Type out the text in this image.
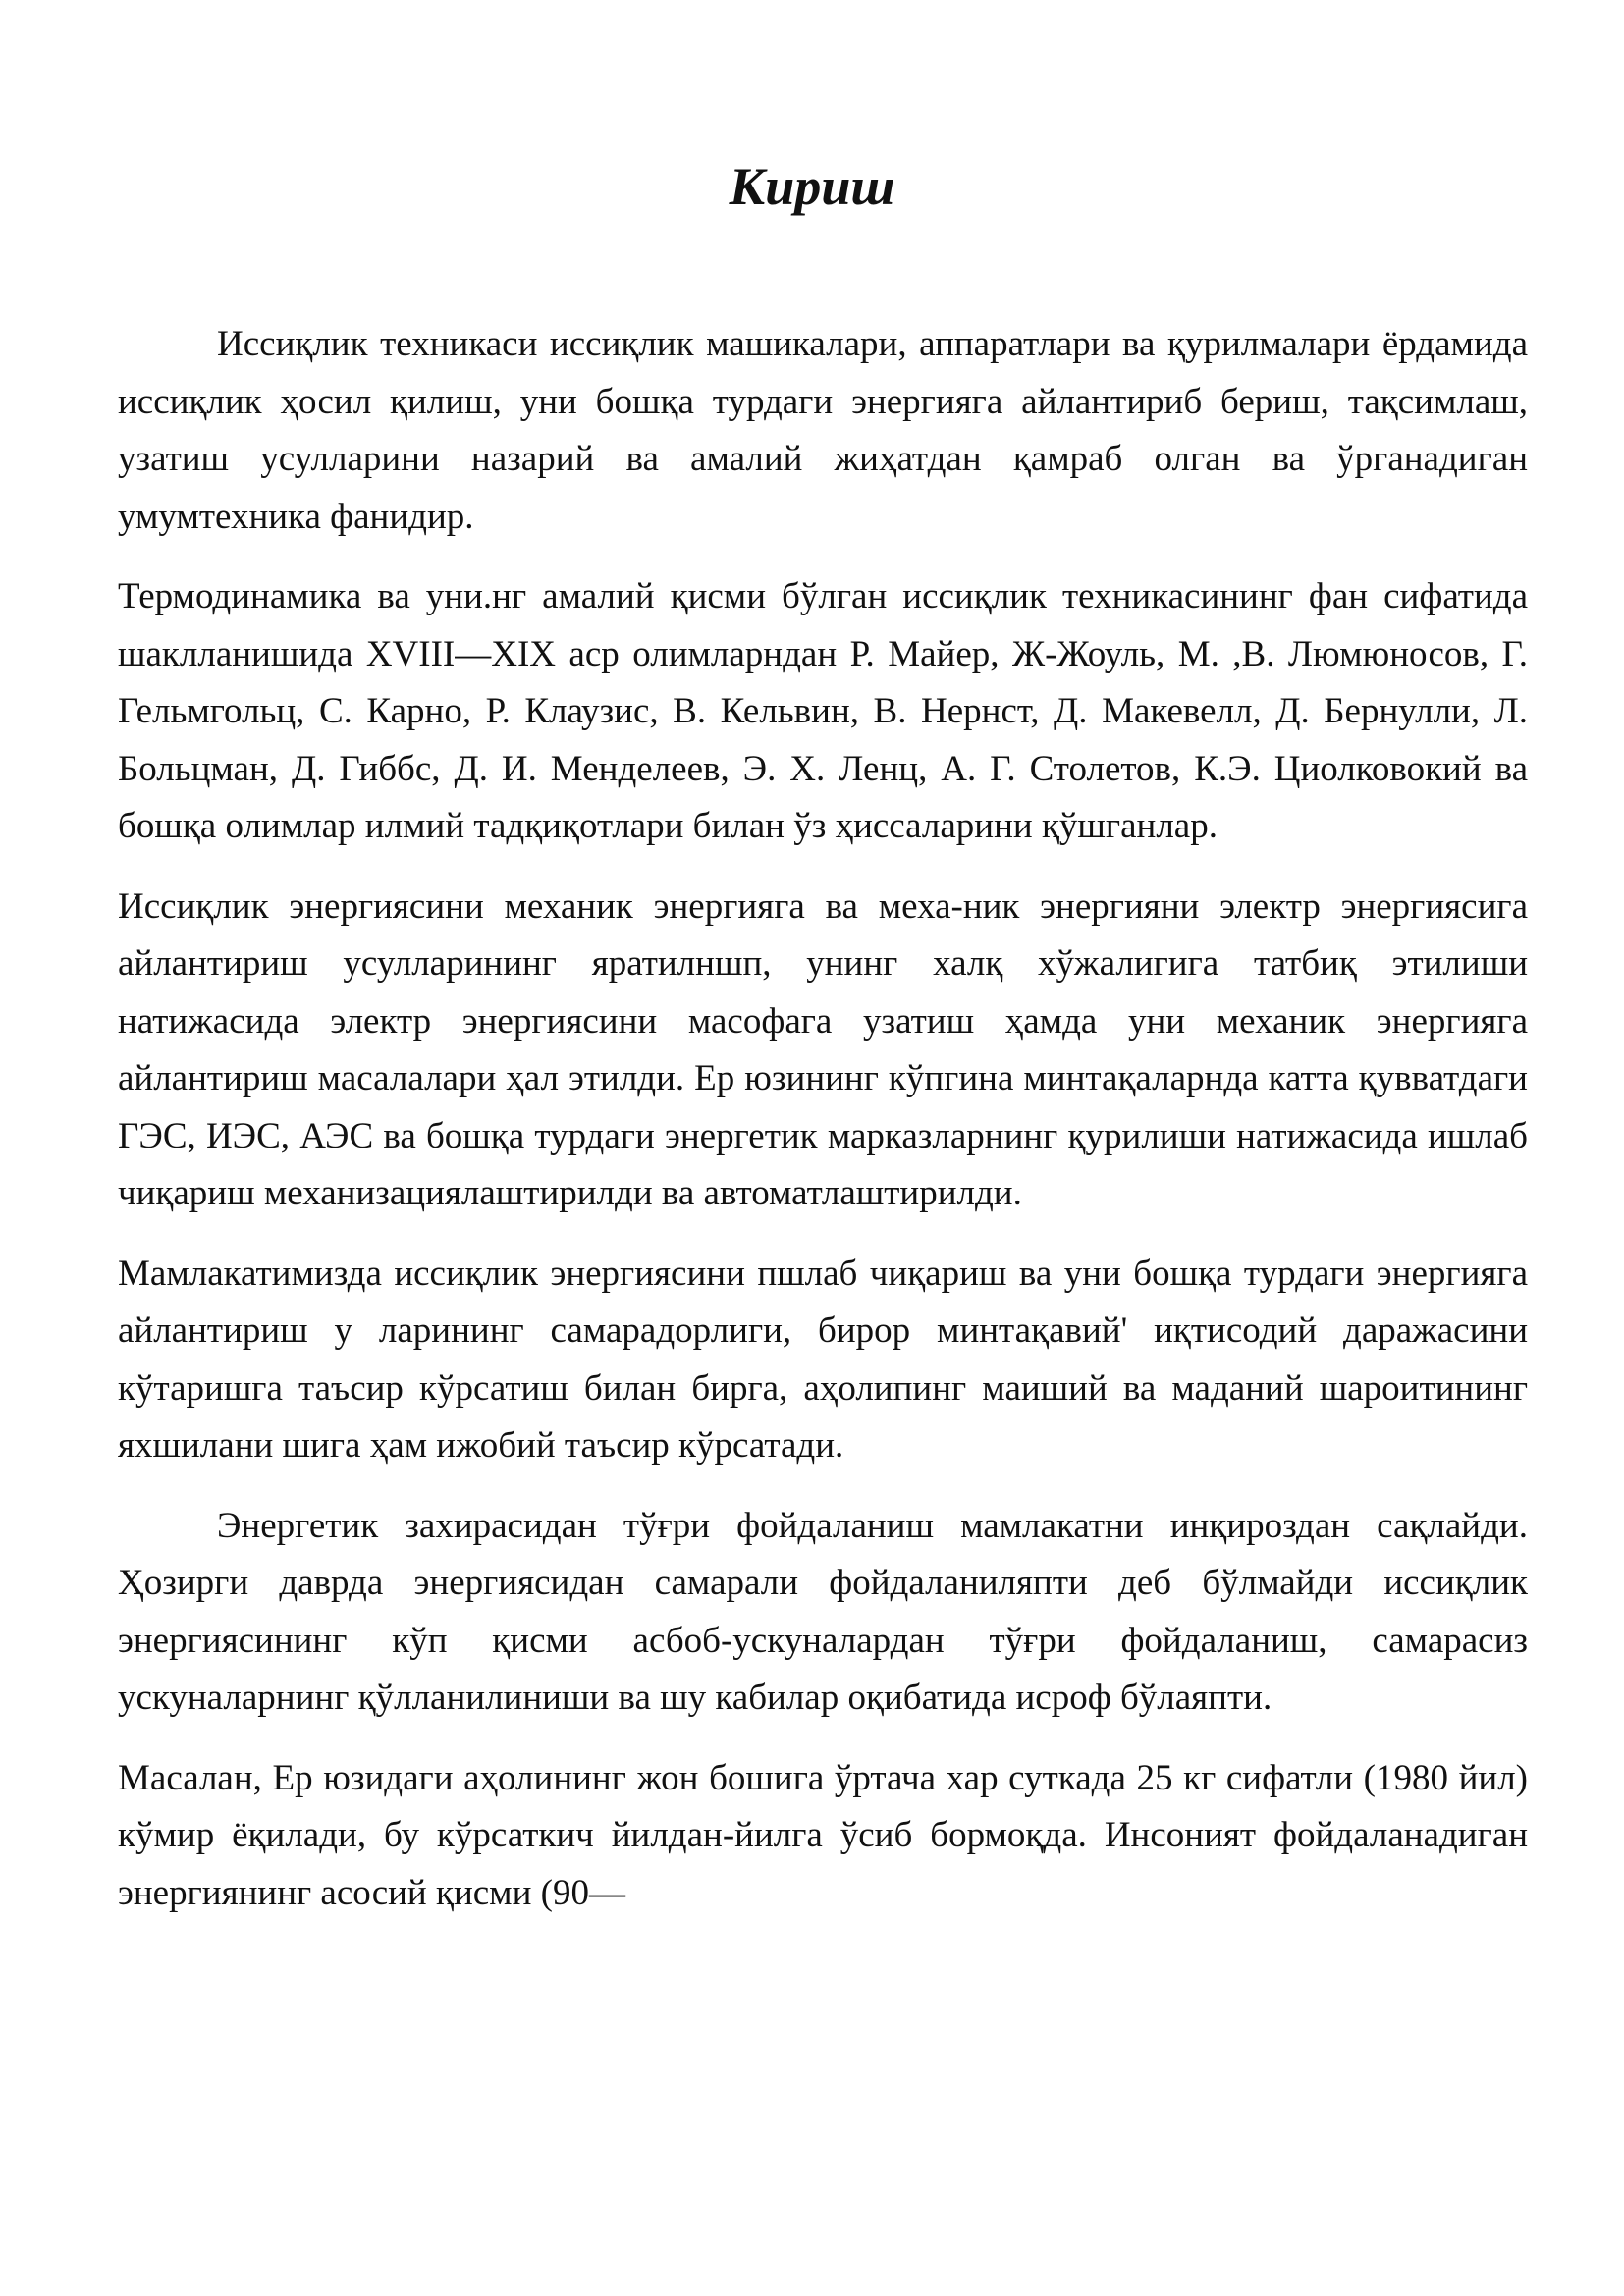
Кириш

Иссиқлик техникаси иссиқлик машикалари, аппаратлари ва қурилмалари ёрдамида иссиқлик ҳосил қилиш, уни бошқа турдаги энергияга айлантириб бериш, тақсимлаш, узатиш усулларини назарий ва амалий жиҳатдан қамраб олган ва ўрганадиган умумтехника фанидир.

Термодинамика ва уни.нг амалий қисми бўлган иссиқлик техникасининг фан сифатида шаклланишида XVIII—XIX аср олимларндан Р. Майер, Ж-Жоуль, М. ,В. Люмюносов, Г. Гельмгольц, С. Карно, Р. Клаузис, В. Кельвин, В. Нернст, Д. Макевелл, Д. Бернулли, Л. Больцман, Д. Гиббс, Д. И. Менделеев, Э. X. Ленц, А. Г. Столетов, К.Э. Циолковокий ва бошқа олимлар илмий тадқиқотлари билан ўз ҳиссаларини қўшганлар.

Иссиқлик энергиясини механик энергияга ва меха-ник энергияни электр энергиясига айлантириш усулларининг яратилншп, унинг халқ хўжалигига татбиқ этилиши натижасида электр энергиясини масофага узатиш ҳамда уни механик энергияга айлантириш масалалари ҳал этилди. Ер юзининг кўпгина минтақаларнда катта қувватдаги ГЭС, ИЭС, АЭС ва бошқа турдаги энергетик марказларнинг қурилиши натижасида ишлаб чиқариш механизациялаштирилди ва автоматлаштирилди.

Мамлакатимизда иссиқлик энергиясини пшлаб чиқариш ва уни бошқа турдаги энергияга айлантириш у ларининг самарадорлиги, бирор минтақавий' иқтисодий даражасини кўтаришга таъсир кўрсатиш билан бирга, аҳолипинг маиший ва маданий шароитининг яхшилани шига ҳам ижобий таъсир кўрсатади.

Энергетик захирасидан тўғри фойдаланиш мамлакатни инқироздан сақлайди. Ҳозирги даврда энергиясидан самарали фойдаланиляпти деб бўлмайди иссиқлик энергиясининг кўп қисми асбоб-ускуналардан тўғри фойдаланиш, самарасиз ускуналарнинг қўлланилиниши ва шу кабилар оқибатида исроф бўлаяпти.

Масалан, Ер юзидаги аҳолининг жон бошига ўртача хар суткада 25 кг сифатли (1980 йил) кўмир ёқилади, бу кўрсаткич йилдан-йилга ўсиб бормоқда. Инсоният фойдаланадиган энергиянинг асосий қисми (90—
